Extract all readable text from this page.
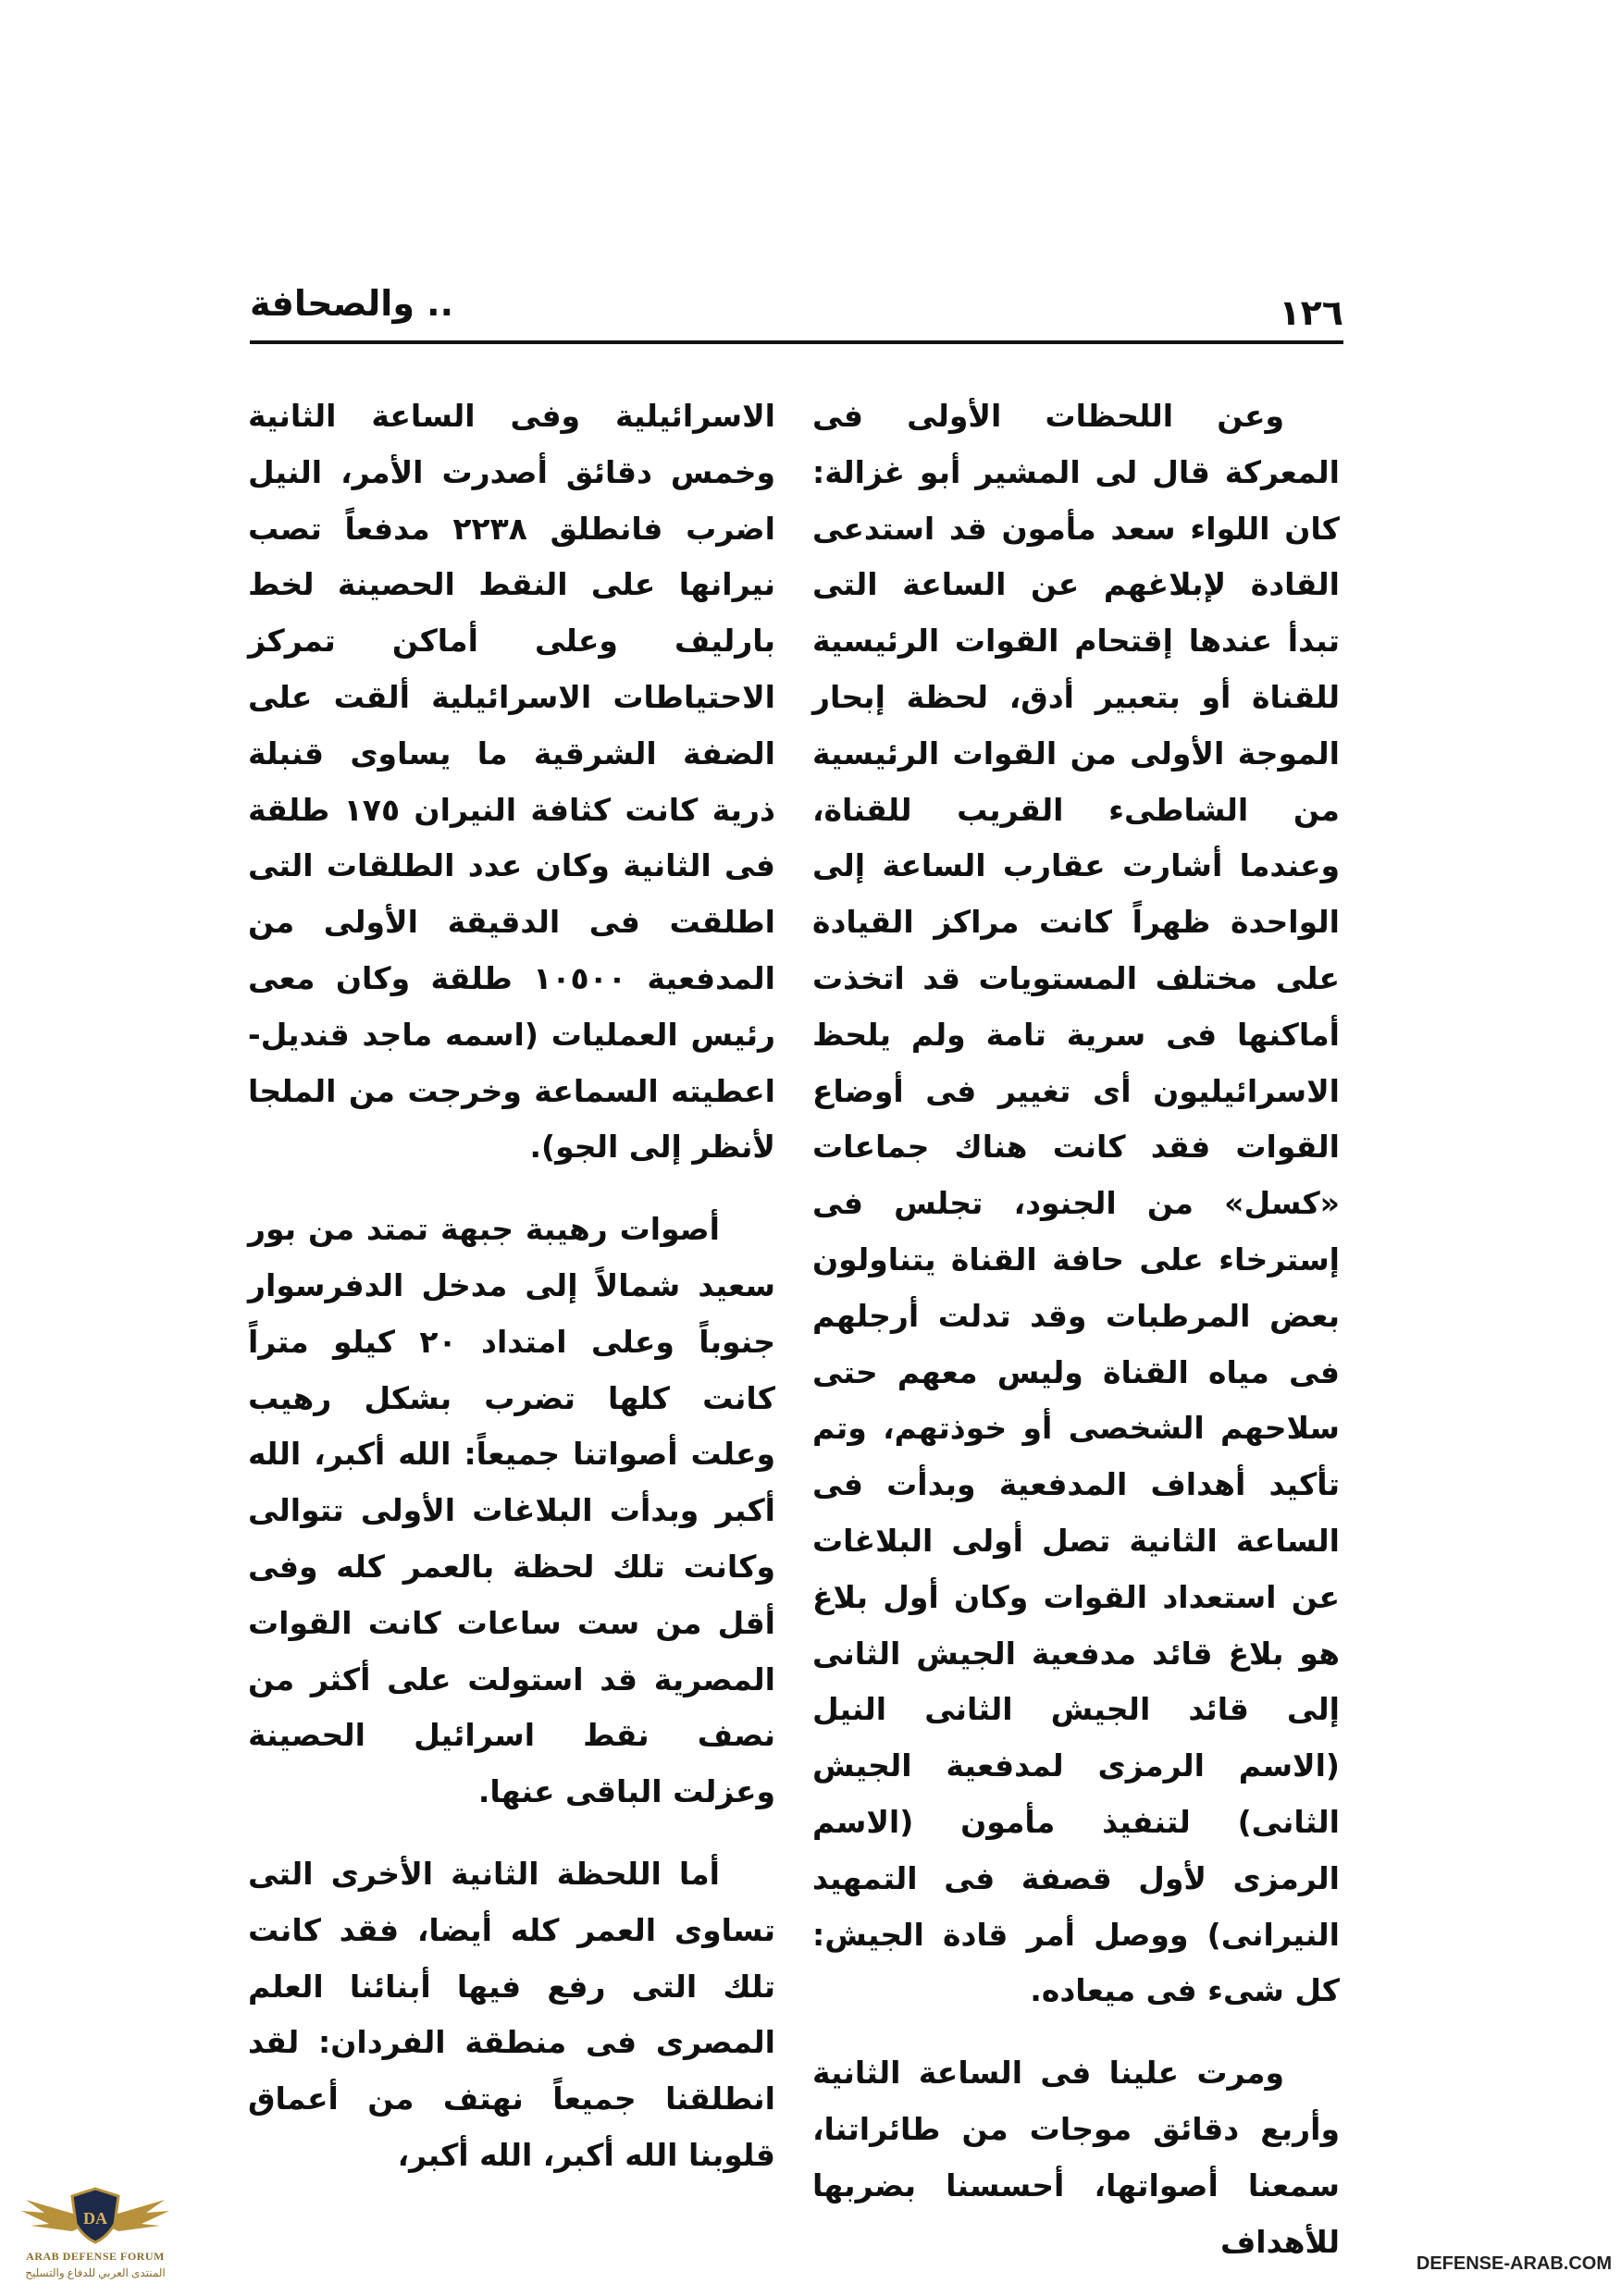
١٢٦
.. والصحافة

وعن اللحظات الأولى فى المعركة قال لى المشير أبو غزالة: كان اللواء سعد مأمون قد استدعى القادة لإبلاغهم عن الساعة التى تبدأ عندها إقتحام القوات الرئيسية للقناة أو بتعبير أدق، لحظة إبحار الموجة الأولى من القوات الرئيسية من الشاطىء القريب للقناة، وعندما أشارت عقارب الساعة إلى الواحدة ظهراً كانت مراكز القيادة على مختلف المستويات قد اتخذت أماكنها فى سرية تامة ولم يلحظ الاسرائيليون أى تغيير فى أوضاع القوات فقد كانت هناك جماعات «كسل» من الجنود، تجلس فى إسترخاء على حافة القناة يتناولون بعض المرطبات وقد تدلت أرجلهم فى مياه القناة وليس معهم حتى سلاحهم الشخصى أو خوذتهم، وتم تأكيد أهداف المدفعية وبدأت فى الساعة الثانية تصل أولى البلاغات عن استعداد القوات وكان أول بلاغ هو بلاغ قائد مدفعية الجيش الثانى إلى قائد الجيش الثانى النيل (الاسم الرمزى لمدفعية الجيش الثانى) لتنفيذ مأمون (الاسم الرمزى لأول قصفة فى التمهيد النيرانى) ووصل أمر قادة الجيش: كل شىء فى ميعاده.

ومرت علينا فى الساعة الثانية وأربع دقائق موجات من طائراتنا، سمعنا أصواتها، أحسسنا بضربها للأهداف

الاسرائيلية وفى الساعة الثانية وخمس دقائق أصدرت الأمر، النيل اضرب فانطلق ٢٢٣٨ مدفعاً تصب نيرانها على النقط الحصينة لخط بارليف وعلى أماكن تمركز الاحتياطات الاسرائيلية ألقت على الضفة الشرقية ما يساوى قنبلة ذرية كانت كثافة النيران ١٧٥ طلقة فى الثانية وكان عدد الطلقات التى اطلقت فى الدقيقة الأولى من المدفعية ١٠٥٠٠ طلقة وكان معى رئيس العمليات (اسمه ماجد قنديل- اعطيته السماعة وخرجت من الملجا لأنظر إلى الجو).

أصوات رهيبة جبهة تمتد من بور سعيد شمالاً إلى مدخل الدفرسوار جنوباً وعلى امتداد ٢٠ كيلو متراً كانت كلها تضرب بشكل رهيب وعلت أصواتنا جميعاً: الله أكبر، الله أكبر وبدأت البلاغات الأولى تتوالى وكانت تلك لحظة بالعمر كله وفى أقل من ست ساعات كانت القوات المصرية قد استولت على أكثر من نصف نقط اسرائيل الحصينة وعزلت الباقى عنها.

أما اللحظة الثانية الأخرى التى تساوى العمر كله أيضا، فقد كانت تلك التى رفع فيها أبنائنا العلم المصرى فى منطقة الفردان: لقد انطلقنا جميعاً نهتف من أعماق قلوبنا الله أكبر، الله أكبر،

DA
ARAB DEFENSE FORUM
المنتدى العربي للدفاع والتسليح	DEFENSE-ARAB.COM
